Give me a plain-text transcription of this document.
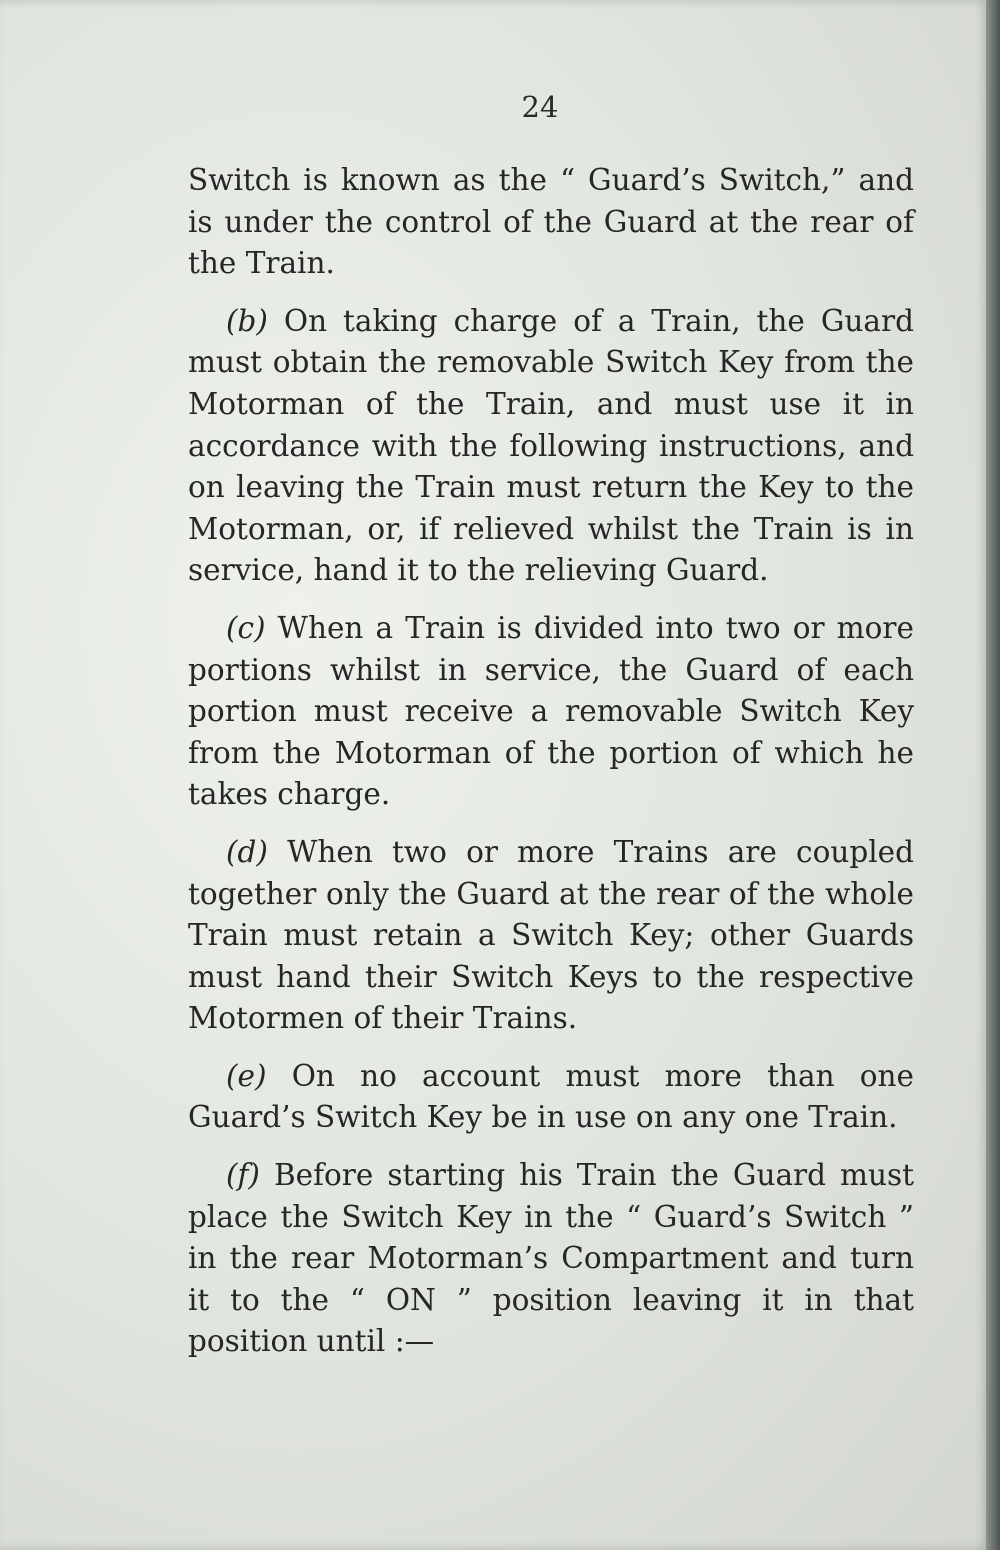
24

Switch is known as the “ Guard’s Switch,” and is under the control of the Guard at the rear of the Train.

(b) On taking charge of a Train, the Guard must obtain the removable Switch Key from the Motorman of the Train, and must use it in accordance with the following instructions, and on leaving the Train must return the Key to the Motorman, or, if relieved whilst the Train is in service, hand it to the relieving Guard.

(c) When a Train is divided into two or more portions whilst in service, the Guard of each portion must receive a removable Switch Key from the Motorman of the portion of which he takes charge.

(d) When two or more Trains are coupled together only the Guard at the rear of the whole Train must retain a Switch Key; other Guards must hand their Switch Keys to the respective Motormen of their Trains.

(e) On no account must more than one Guard’s Switch Key be in use on any one Train.

(f) Before starting his Train the Guard must place the Switch Key in the “ Guard’s Switch ” in the rear Motorman’s Compartment and turn it to the “ ON ” position leaving it in that position until :—
